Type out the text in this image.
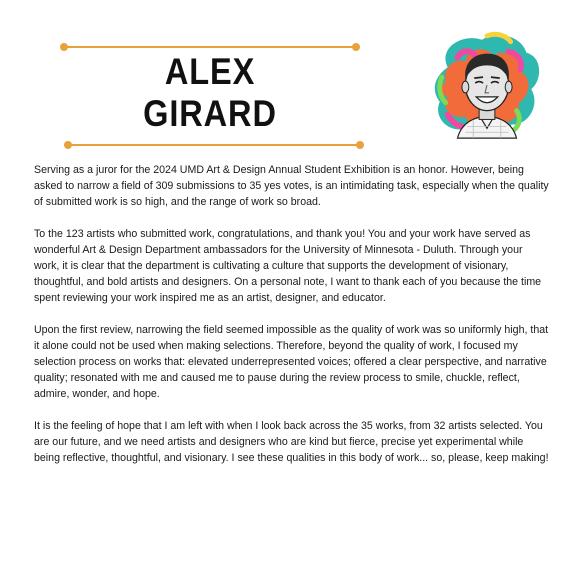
ALEX
GIRARD

Serving as a juror for the 2024 UMD Art & Design Annual Student Exhibition is an honor. However, being asked to narrow a field of 309 submissions to 35 yes votes, is an intimidating task, especially when the quality of submitted work is so high, and the range of work so broad.

To the 123 artists who submitted work, congratulations, and thank you! You and your work have served as wonderful Art & Design Department ambassadors for the University of Minnesota - Duluth. Through your work, it is clear that the department is cultivating a culture that supports the development of visionary, thoughtful, and bold artists and designers. On a personal note, I want to thank each of you because the time spent reviewing your work inspired me as an artist, designer, and educator.

Upon the first review, narrowing the field seemed impossible as the quality of work was so uniformly high, that it alone could not be used when making selections. Therefore, beyond the quality of work, I focused my selection process on works that: elevated underrepresented voices; offered a clear perspective, and narrative quality; resonated with me and caused me to pause during the review process to smile, chuckle, reflect, admire, wonder, and hope.

It is the feeling of hope that I am left with when I look back across the 35 works, from 32 artists selected. You are our future, and we need artists and designers who are kind but fierce, precise yet experimental while being reflective, thoughtful, and visionary. I see these qualities in this body of work... so, please, keep making!
